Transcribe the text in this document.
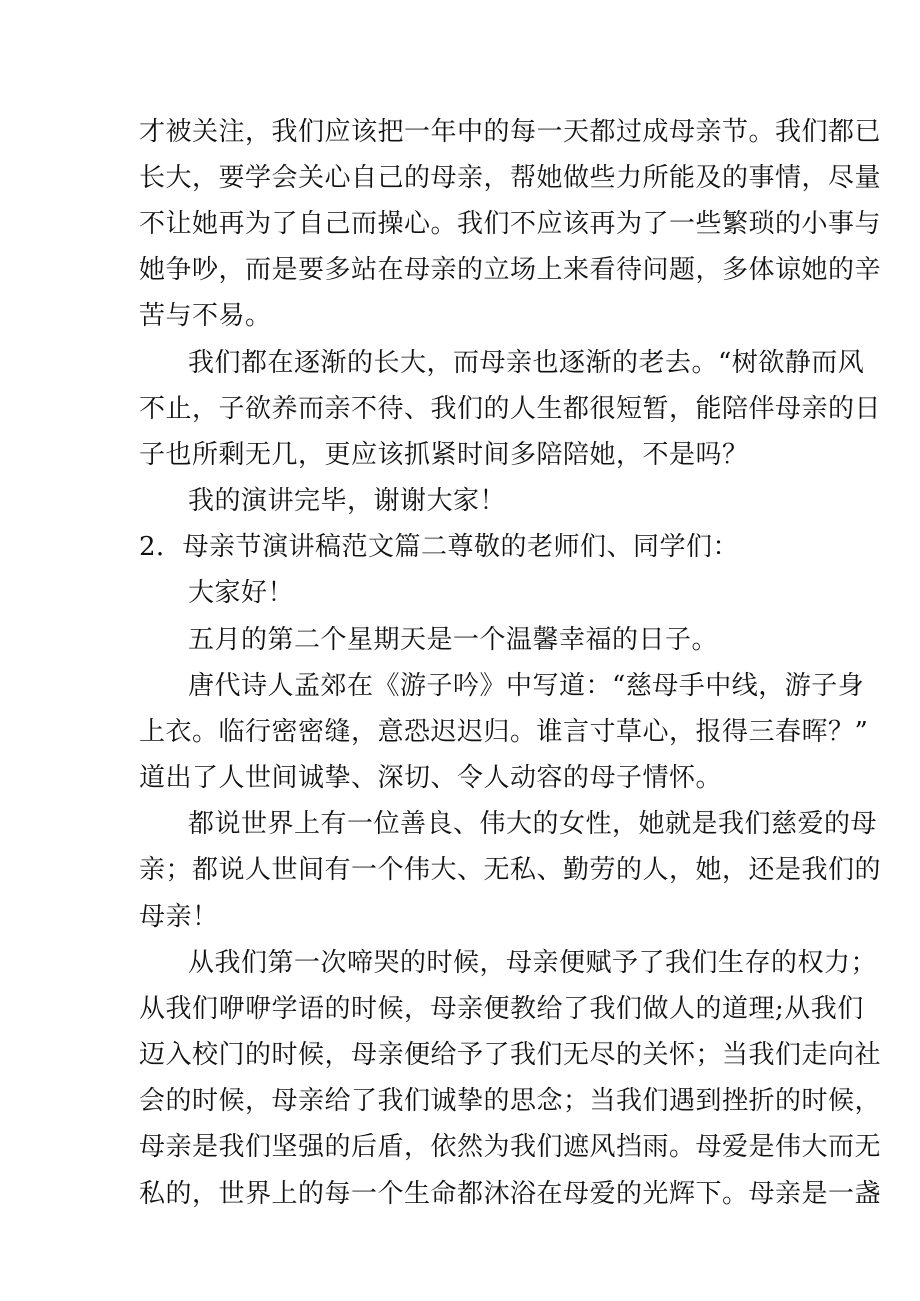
才被关注，我们应该把一年中的每一天都过成母亲节。我们都已
长大，要学会关心自己的母亲，帮她做些力所能及的事情，尽量
不让她再为了自己而操心。我们不应该再为了一些繁琐的小事与
她争吵，而是要多站在母亲的立场上来看待问题，多体谅她的辛
苦与不易。
我们都在逐渐的长大，而母亲也逐渐的老去。“树欲静而风
不止，子欲养而亲不待、我们的人生都很短暂，能陪伴母亲的日
子也所剩无几，更应该抓紧时间多陪陪她，不是吗？
我的演讲完毕，谢谢大家！
2．母亲节演讲稿范文篇二尊敬的老师们、同学们：
大家好！
五月的第二个星期天是一个温馨幸福的日子。
唐代诗人孟郊在《游子吟》中写道：“慈母手中线，游子身
上衣。临行密密缝，意恐迟迟归。谁言寸草心，报得三春晖？”
道出了人世间诚挚、深切、令人动容的母子情怀。
都说世界上有一位善良、伟大的女性，她就是我们慈爱的母
亲；都说人世间有一个伟大、无私、勤劳的人，她，还是我们的
母亲！
从我们第一次啼哭的时候，母亲便赋予了我们生存的权力；
从我们咿咿学语的时候，母亲便教给了我们做人的道理;从我们
迈入校门的时候，母亲便给予了我们无尽的关怀；当我们走向社
会的时候，母亲给了我们诚挚的思念；当我们遇到挫折的时候，
母亲是我们坚强的后盾，依然为我们遮风挡雨。母爱是伟大而无
私的，世界上的每一个生命都沐浴在母爱的光辉下。母亲是一盏
